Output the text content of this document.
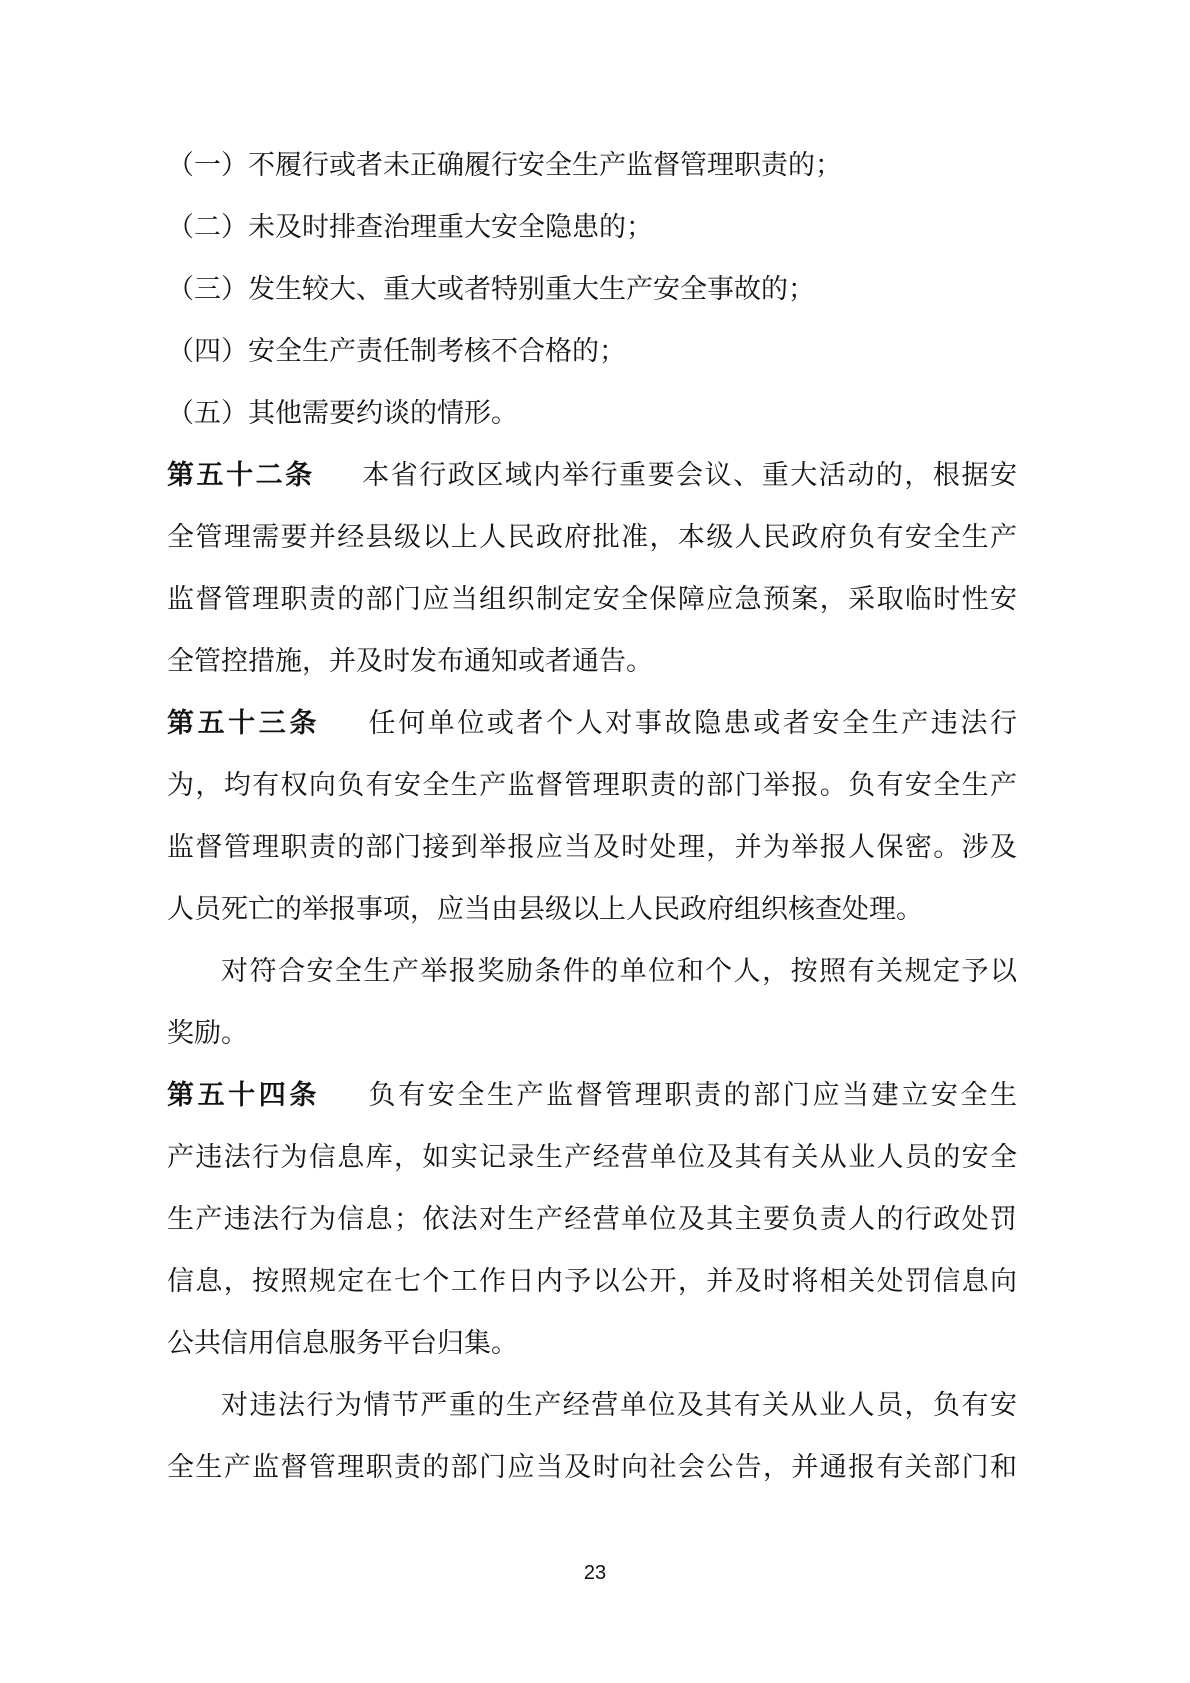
（一）不履行或者未正确履行安全生产监督管理职责的；
（二）未及时排查治理重大安全隐患的；
（三）发生较大、重大或者特别重大生产安全事故的；
（四）安全生产责任制考核不合格的；
（五）其他需要约谈的情形。
第五十二条 本省行政区域内举行重要会议、重大活动的，根据安
全管理需要并经县级以上人民政府批准，本级人民政府负有安全生产
监督管理职责的部门应当组织制定安全保障应急预案，采取临时性安
全管控措施，并及时发布通知或者通告。
第五十三条 任何单位或者个人对事故隐患或者安全生产违法行
为，均有权向负有安全生产监督管理职责的部门举报。负有安全生产
监督管理职责的部门接到举报应当及时处理，并为举报人保密。涉及
人员死亡的举报事项，应当由县级以上人民政府组织核查处理。
对符合安全生产举报奖励条件的单位和个人，按照有关规定予以
奖励。
第五十四条 负有安全生产监督管理职责的部门应当建立安全生
产违法行为信息库，如实记录生产经营单位及其有关从业人员的安全
生产违法行为信息；依法对生产经营单位及其主要负责人的行政处罚
信息，按照规定在七个工作日内予以公开，并及时将相关处罚信息向
公共信用信息服务平台归集。
对违法行为情节严重的生产经营单位及其有关从业人员，负有安
全生产监督管理职责的部门应当及时向社会公告，并通报有关部门和
23
